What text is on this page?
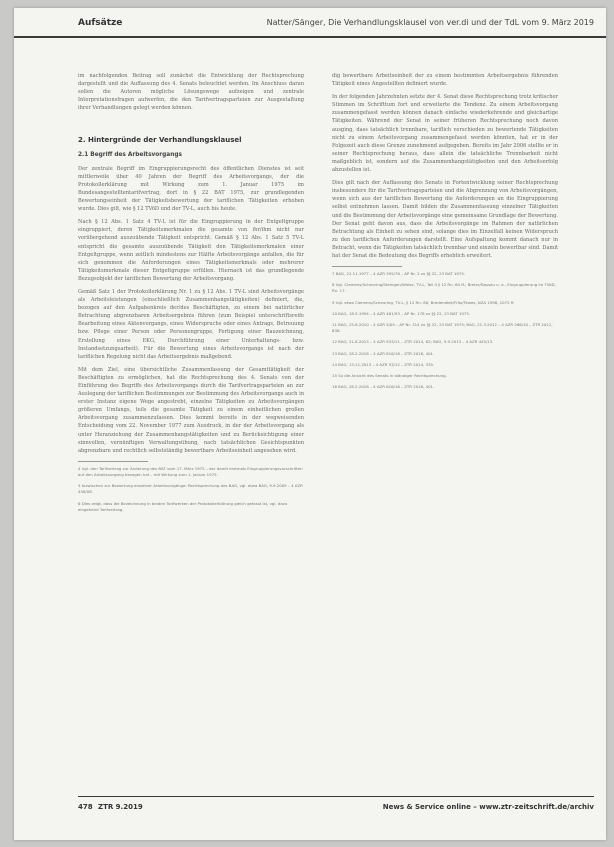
Aufsätze	Natter/Sänger, Die Verhandlungsklausel von ver.di und der TdL vom 9. März 2019

im nachfolgenden Beitrag soll zunächst die Entwicklung der Rechtsprechung dargestellt und die Auffassung des 4. Senats beleuchtet werden. Im Anschluss daran sollen die Autoren mögliche Lösungswege aufzeigen und zentrale Interpretationsfragen aufwerfen, die den Tarifvertragsparteien zur Ausgestaltung ihrer Verhandlungen gelegt werden können.

2. Hintergründe der Verhandlungsklausel
2.1 Begriff des Arbeitsvorgangs

Der zentrale Begriff im Eingruppierungsrecht des öffentlichen Dienstes ist seit mittlerweile über 40 Jahren der Begriff des Arbeitsvorgangs, der die Protokollerklärung mit Wirkung zum 1. Januar 1975 im Bundesangestelltentarifvertrag, dort in § 22 BAT 1975, zur grundlegenden Bewertungseinheit der Tätigkeitsbewertung der tariflichen Tätigkeiten erhoben wurde. Dies gilt, wie § 12 TVöD und der TV-L, auch bis heute.

Nach § 12 Abs. 1 Satz 4 TV-L ist für die Eingruppierung in der Entgeltgruppe eingruppiert, deren Tätigkeitsmerkmalen die gesamte von ihr/ihm nicht nur vorübergehend auszuübende Tätigkeit entspricht. Gemäß § 12 Abs. 1 Satz 5 TV-L entspricht die gesamte auszuübende Tätigkeit den Tätigkeitsmerkmalen einer Entgeltgruppe, wenn zeitlich mindestens zur Hälfte Arbeitsvorgänge anfallen, die für sich genommen die Anforderungen eines Tätigkeitsmerkmals oder mehrerer Tätigkeitsmerkmale dieser Entgeltgruppe erfüllen. Hiernach ist das grundlegende Bezugsobjekt der tariflichen Bewertung der Arbeitsvorgang.

Gemäß Satz 1 der Protokollerklärung Nr. 1 zu § 12 Abs. 1 TV-L sind Arbeitsvorgänge als Arbeitsleistungen (einschließlich Zusammenhangstätigkeiten) definiert, die, bezogen auf den Aufgabenkreis der/des Beschäftigten, zu einem bei natürlicher Betrachtung abgrenzbaren Arbeitsergebnis führen (zum Beispiel unterschriftsreife Bearbeitung eines Aktenvorgangs, eines Widerspruchs oder eines Antrags, Betreuung bzw. Pflege einer Person oder Personengruppe, Fertigung einer Bauzeichnung, Erstellung eines EKG, Durchführung einer Unterhaltungs- bzw. Instandsetzungsarbeit). Für die Bewertung eines Arbeitsvorgangs ist nach der tariflichen Regelung nicht das Arbeitsergebnis maßgebend.

Mit dem Ziel, eine übersichtliche Zusammenfassung der Gesamttätigkeit der Beschäftigten zu ermöglichen, hat die Rechtsprechung des 4. Senats von der Einführung des Begriffs des Arbeitsvorgangs durch die Tarifvertragsparteien an zur Auslegung der tariflichen Bestimmungen zur Bestimmung des Arbeitsvorgangs auch in erster Instanz eigene Wege angestrebt, einzelne Tätigkeiten zu Arbeitsvorgängen größeren Umfangs, teils die gesamte Tätigkeit zu einem einheitlichen großen Arbeitsvorgang zusammenzufassen. Dies kommt bereits in der wegweisenden Entscheidung vom 22. November 1977 zum Ausdruck, in der der Arbeitsvorgang als unter Heranziehung der Zusammenhangstätigkeiten und zu Berücksichtigung einer sinnvollen, vernünftigen Verwaltungsübung, nach tatsächlichen Gesichtspunkten abgrenzbare und rechtlich selbstständig bewertbare Arbeitseinheit angesehen wird.

4 Vgl. den Tarifvertrag zur Änderung des BAT vom 17. März 1975 – der damit erstmals Eingruppierungsvorschriften auf den Arbeitsvorgang bezogen hat – mit Wirkung zum 1. Januar 1975.

5 Inzwischen zur Bewertung einzelner Arbeitsvorgänge: Rechtsprechung des BAG, vgl. etwa BAG, 9.9.2009 – 4 AZR 458/08.

6 Dies zeigt, dass die Bezeichnung in beiden Tarifwerken der Protokollerklärung gleich gefasst ist, vgl. dazu eingehend Tarifvertrag.

dig bewertbare Arbeitseinheit der zu einem bestimmten Arbeitsergebnis führenden Tätigkeit eines Angestellten definiert wurde.

In der folgenden Jahrzehnten setzte der 4. Senat diese Rechtsprechung trotz kritischer Stimmen im Schrifttum fort und erweiterte die Tendenz. Zu einem Arbeitsvorgang zusammengefasst werden können danach einfache wiederkehrende und gleichartige Tätigkeiten. Während der Senat in seiner früheren Rechtsprechung noch davon ausging, dass tatsächlich trennbare, tariflich verschieden zu bewertende Tätigkeiten nicht zu einem Arbeitsvorgang zusammengefasst werden könnten, hat er in der Folgezeit auch diese Grenze zunehmend aufgegeben. Bereits im Jahr 2006 stellte er in seiner Rechtsprechung heraus, dass allein die tatsächliche Trennbarkeit nicht maßgeblich ist, sondern auf die Zusammenhangstätigkeiten und den Arbeitserfolg abzustellen ist.

Dies gilt nach der Auffassung des Senats in Fortentwicklung seiner Rechtsprechung insbesondere für die Tarifvertragsparteien und die Abgrenzung von Arbeitsvorgängen, wenn sich aus der tariflichen Bewertung die Anforderungen an die Eingruppierung selbst entnehmen lassen. Damit bilden die Zusammenfassung einzelner Tätigkeiten und die Bestimmung der Arbeitsvorgänge eine gemeinsame Grundlage der Bewertung. Der Senat geht davon aus, dass die Arbeitsvorgänge im Rahmen der natürlichen Betrachtung als Einheit zu sehen sind, solange dies im Einzelfall keinen Widerspruch zu den tariflichen Anforderungen darstellt. Eine Aufspaltung kommt danach nur in Betracht, wenn die Tätigkeiten tatsächlich trennbar und einzeln bewertbar sind. Damit hat der Senat die Bedeutung des Begriffs erheblich erweitert.

7 BAG, 22.11.1977 – 4 AZR 395/76 – AP Nr. 2 zu §§ 22, 23 BAT 1975.

8 Vgl. Clemens/Scheuring/Steingen/Wiese, TV-L, Teil II § 12 Rn. 60 ff.; Breier/Dassau u. a., Eingruppierung im TVöD, Rn. 17.

9 Vgl. etwa Clemens/Scheuring, TV-L, § 12 Rn. 80; Bredendiek/Fritz/Tewes, NZA 1998, 1072 ff.

10 BAG, 18.5.1994 – 4 AZR 461/93 – AP Nr. 178 zu §§ 22, 23 BAT 1975.

11 BAG, 25.8.2010 – 4 AZR 5/09 – AP Nr. 314 zu §§ 22, 23 BAT 1975; BAG, 21.3.2012 – 4 AZR 266/10 – ZTR 2012, 638.

12 BAG, 21.8.2013 – 4 AZR 933/11 – ZTR 2014, 82; BAG, 9.9.2015 – 4 AZR 445/13.

13 BAG, 28.2.2018 – 4 AZR 816/16 – ZTR 2018, 401.

14 BAG, 13.11.2013 – 4 AZR 53/12 – ZTR 2014, 335.

15 So die Ansicht des Senats in ständiger Rechtsprechung.

16 BAG, 28.2.2018 – 4 AZR 816/16 – ZTR 2018, 401.

478 ZTR 9.2019	News & Service online – www.ztr-zeitschrift.de/archiv
